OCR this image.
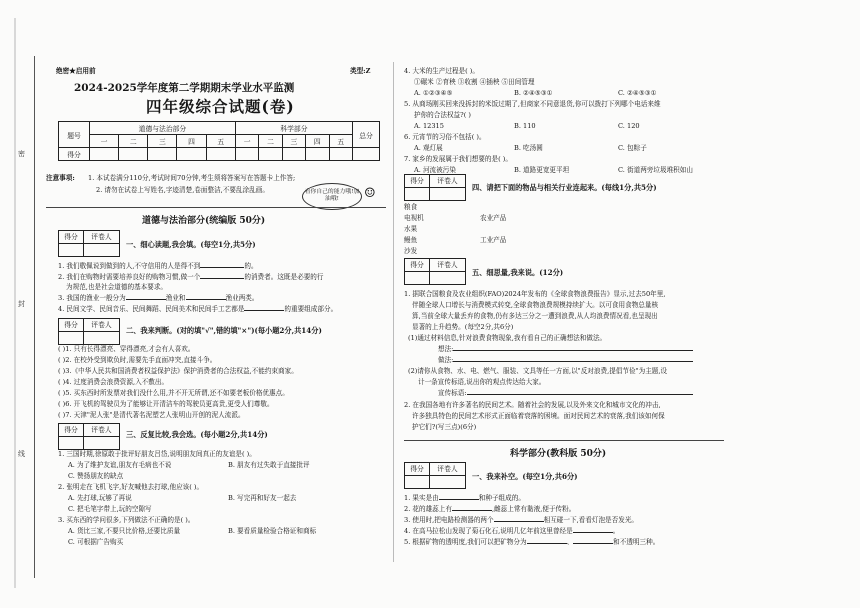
密
封
线
绝密★启用前	类型:Z
2024-2025学年度第二学期期末学业水平监测
四年级综合试题(卷)
题号	道德与法治部分					科学部分					总分
	一	二	三	四	五	一	二	三	四	五	
得分											
注意事项: 1. 本试卷满分110分,考试时间70分钟,考生须将答案写在答题卡上作答;
2. 请勿在试卷上写姓名,字迹清楚,卷面整洁,不要乱涂乱画。	看你自己的能力哦!加油哦!	☺
道德与法治部分(统编版 50分)
得分	评卷人
一、细心读题,我会填。(每空1分,共5分)
1. 我们敬佩说到做到的人,不守信用的人是得不到	的。
2. 我们在购物时需要培养良好的购物习惯,做一个	的消费者。这既是必要的行
为规范,也是社会道德的基本要求。
3. 我国的渔业一般分为	渔业和	渔业两类。
4. 民间文学、民间音乐、民间舞蹈、民间美术和民间手工艺都是	的重要组成部分。
得分	评卷人
二、我来判断。(对的填"√",错的填"×")(每小题2分,共14分)
( )1. 只有长得漂亮、穿得漂亮,才会有人喜欢。
( )2. 在校外受到欺负时,需要先手直面冲突,直接斗争。
( )3.《中华人民共和国消费者权益保护法》保护消费者的合法权益,不能约束商家。
( )4. 过度消费会浪费资源,入不敷出。
( )5. 买东西时所发票对我们没什么用,并不开无所谓,还不如要老板价格优惠点。
( )6. 开飞机的驾驶员为了能够让开清洁车的驾驶员更高贵,更受人们尊敬。
( )7. 天津"泥人张"是清代著名泥塑艺人张明山开创的泥人流派。
得分	评卷人	三、反复比较,我会选。(每小题2分,共14分)
1. 三国时期,徐原敢于批评好朋友吕岱,说明朋友间真正的友谊是( )。
A. 为了维护友谊,朋友有毛病也不说	B. 朋友有过失敢于直接批评
C. 赞扬朋友的缺点
2. 张明走在飞机飞字,好友喊他去打球,他应该( )。
A. 先打球,玩够了再说	B. 写完再和好友一起去
C. 把毛笔字带上,玩的空隙写
3. 买东西的学问很多,下列做法不正确的是( )。
A. 货比三家,不要只比价格,还要比质量	B. 要看质量检验合格证和商标
C. 可根据广告购买
4. 大米的生产过程是( )。
①碾米 ②育秧 ③收割 ④插秧 ⑤田间管理
A. ①②③④⑤	B. ②④⑤③①	C. ②④⑤③①
5. 从商场刚买回来没拆封的米饭过期了,但商家不同意退货,你可以拨打下列哪个电话来维
护你的合法权益?( )
A. 12315	B. 110	C. 120
6. 元宵节的习俗不包括( )。
A. 观灯展	B. 吃汤圆	C. 包粽子
7. 家乡的发展属于我们想要的是( )。
A. 河流被污染	B. 道路更宽更平坦	C. 街道两旁垃圾堆积如山
得分	评卷人
四、请把下面的物品与相关行业连起来。(每线1分,共5分)
粮食
电视机
水果
鳗鱼
沙发
农业产品
工业产品
得分	评卷人
五、细思量,我来说。(12分)
1. 据联合国粮食及农业组织(FAO)2024年发布的《全球食物浪费报告》显示,过去50年里,
伴随全球人口增长与消费模式转变,全球食物浪费规模持续扩大。以可食用食物总量核
算,当前全球大量丢弃的食物,仍有多达三分之一遭到浪费,从人均浪费情况看,也呈现出
显著的上升趋势。(每空2分,共6分)
(1)通过材料信息,针对浪费食物现象,我有看自己的正确想法和做法。
想法:
做法:
(2)请你从食物、水、电、燃气、服装、文具等任一方面,以"反对浪费,提倡节俭"为主题,设
计一条宣传标语,说出你的观点传达给大家。
宣传标语:
2. 在我国各地有许多著名的民间艺术。随着社会的发展,以及外来文化和城市文化的冲击,
许多独具特色的民间艺术形式正面临着衰落的困境。面对民间艺术的衰落,我们该如何保
护它们?(写三点)(6分)
科学部分(教科版 50分)
得分	评卷人
一、我来补空。(每空1分,共6分)
1. 果实是由	和种子组成的。
2. 花的雄蕊上有	,雌蕊上常有黏液,便于传粉。
3. 使用时,把电路检测器的两个	相互碰一下,看看灯泡是否发光。
4. 在高马拉松山发现了菊石化石,说明几亿年前这里曾经是	。
5. 根据矿物的透明度,我们可以把矿物分为	、	和不透明三种。
